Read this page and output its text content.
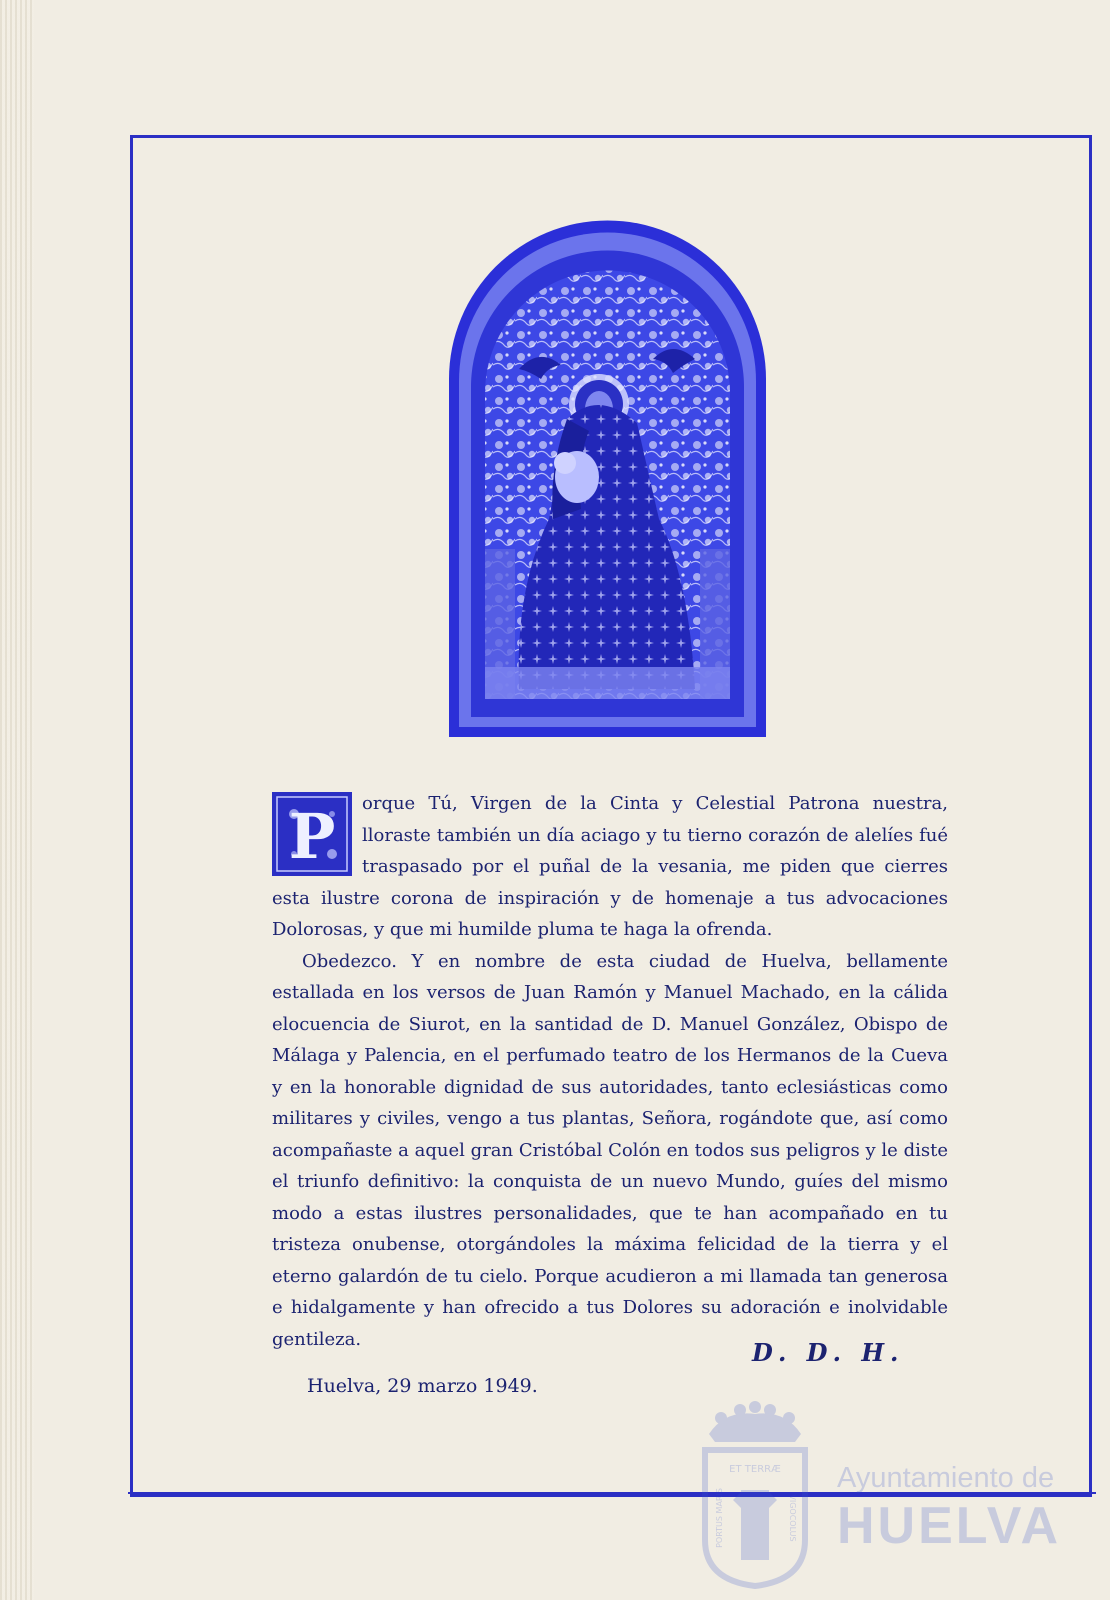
P	orque Tú, Virgen de la Cinta y Celestial Patrona nuestra, lloraste también un día aciago y tu tierno corazón de alelíes fué traspasado por el puñal de la vesania, me piden que cierres esta ilustre corona de inspiración y de homenaje a tus advocaciones Dolorosas, y que mi humilde pluma te haga la ofrenda.

Obedezco. Y en nombre de esta ciudad de Huelva, bellamente estallada en los versos de Juan Ramón y Manuel Machado, en la cálida elocuencia de Siurot, en la santidad de D. Manuel González, Obispo de Málaga y Palencia, en el perfumado teatro de los Hermanos de la Cueva y en la honorable dignidad de sus autoridades, tanto eclesiásticas como militares y civiles, vengo a tus plantas, Señora, rogándote que, así como acompañaste a aquel gran Cristóbal Colón en todos sus peligros y le diste el triunfo definitivo: la conquista de un nuevo Mundo, guíes del mismo modo a estas ilustres personalidades, que te han acompañado en tu tristeza onubense, otorgándoles la máxima felicidad de la tierra y el eterno galardón de tu cielo. Porque acudieron a mi llamada tan generosa e hidalgamente y han ofrecido a tus Dolores su adoración e inolvidable gentileza.	D. D. H.
Huelva, 29 marzo 1949.
ET TERRÆ
PORTUS MARIS	VIGOCOLUS
Ayuntamiento de
HUELVA
